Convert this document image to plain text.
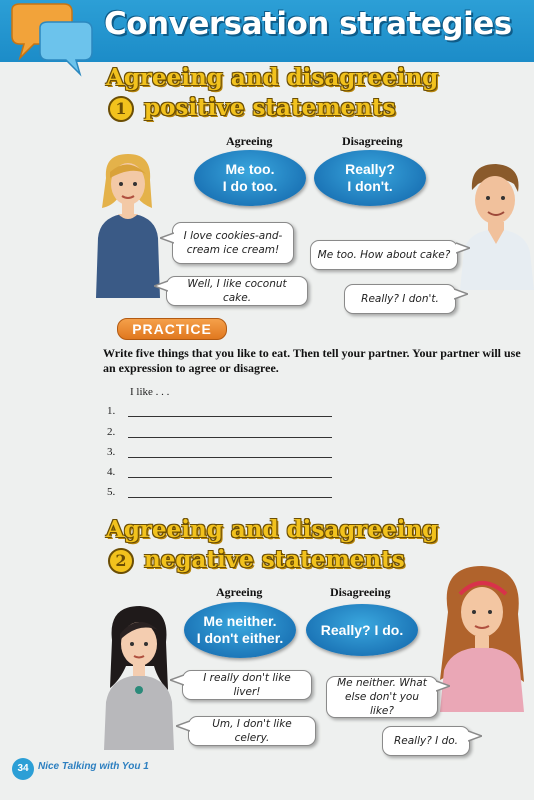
Conversation strategies
Agreeing and disagreeing
1 positive statements
Agreeing	Disagreeing
Me too.
I do too.
Really?
I don't.
I love cookies-and-
cream ice cream!	Me too. How about cake?
Well, I like coconut cake.	Really? I don't.
PRACTICE
Write five things that you like to eat. Then tell your partner. Your partner will use an expression to agree or disagree.
I like . . .
1.
2.
3.
4.
5.
Agreeing and disagreeing
2 negative statements
Agreeing	Disagreeing
Me neither.
I don't either.
Really? I do.
I really don't like liver!
Me neither. What
else don't you like?
Um, I don't like celery.	Really? I do.
34 Nice Talking with You 1
